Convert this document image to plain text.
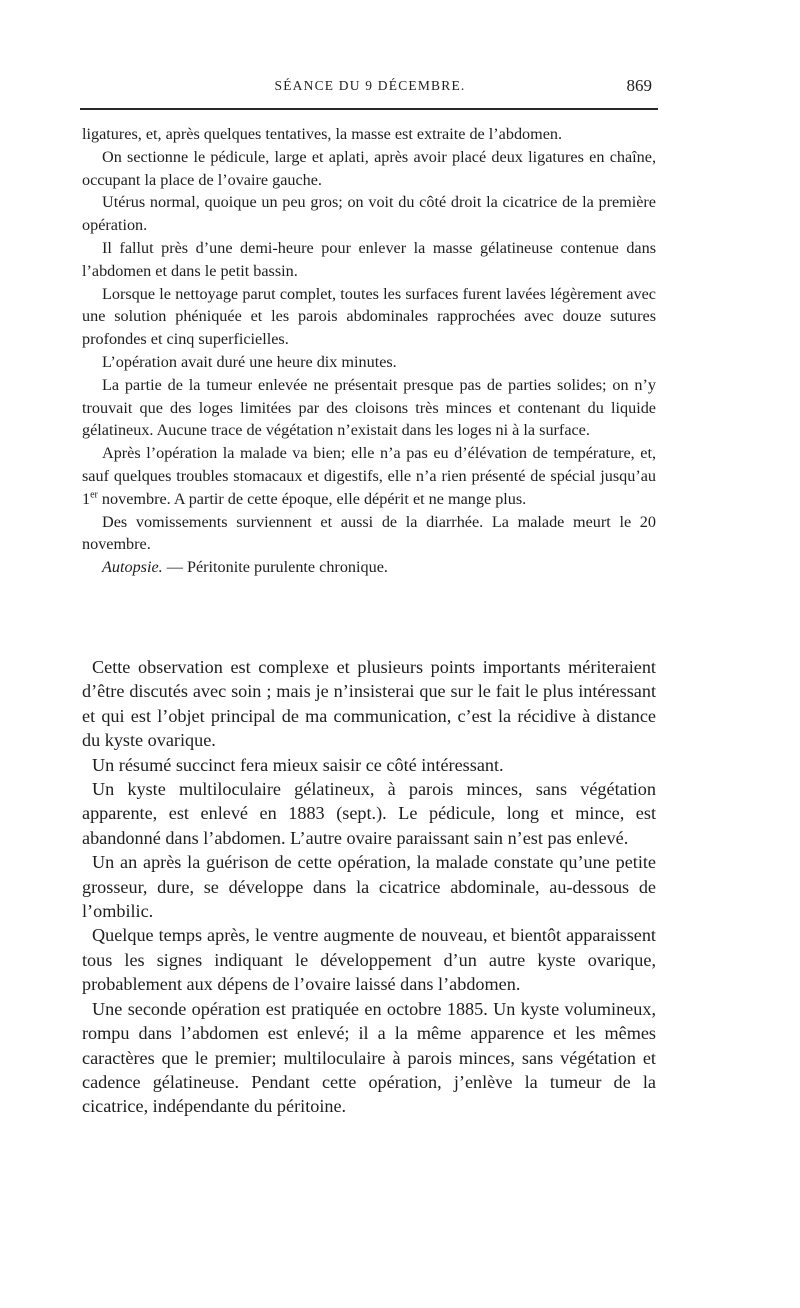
SÉANCE DU 9 DÉCEMBRE.	869

ligatures, et, après quelques tentatives, la masse est extraite de l’abdomen.

On sectionne le pédicule, large et aplati, après avoir placé deux ligatures en chaîne, occupant la place de l’ovaire gauche.

Utérus normal, quoique un peu gros; on voit du côté droit la cicatrice de la première opération.

Il fallut près d’une demi-heure pour enlever la masse gélatineuse contenue dans l’abdomen et dans le petit bassin.

Lorsque le nettoyage parut complet, toutes les surfaces furent lavées légèrement avec une solution phéniquée et les parois abdominales rapprochées avec douze sutures profondes et cinq superficielles.

L’opération avait duré une heure dix minutes.

La partie de la tumeur enlevée ne présentait presque pas de parties solides; on n’y trouvait que des loges limitées par des cloisons très minces et contenant du liquide gélatineux. Aucune trace de végétation n’existait dans les loges ni à la surface.

Après l’opération la malade va bien; elle n’a pas eu d’élévation de température, et, sauf quelques troubles stomacaux et digestifs, elle n’a rien présenté de spécial jusqu’au 1er novembre. A partir de cette époque, elle dépérit et ne mange plus.

Des vomissements surviennent et aussi de la diarrhée. La malade meurt le 20 novembre.

Autopsie. — Péritonite purulente chronique.

Cette observation est complexe et plusieurs points importants mériteraient d’être discutés avec soin ; mais je n’insisterai que sur le fait le plus intéressant et qui est l’objet principal de ma communication, c’est la récidive à distance du kyste ovarique.

Un résumé succinct fera mieux saisir ce côté intéressant.

Un kyste multiloculaire gélatineux, à parois minces, sans végétation apparente, est enlevé en 1883 (sept.). Le pédicule, long et mince, est abandonné dans l’abdomen. L’autre ovaire paraissant sain n’est pas enlevé.

Un an après la guérison de cette opération, la malade constate qu’une petite grosseur, dure, se développe dans la cicatrice abdominale, au-dessous de l’ombilic.

Quelque temps après, le ventre augmente de nouveau, et bientôt apparaissent tous les signes indiquant le développement d’un autre kyste ovarique, probablement aux dépens de l’ovaire laissé dans l’abdomen.

Une seconde opération est pratiquée en octobre 1885. Un kyste volumineux, rompu dans l’abdomen est enlevé; il a la même apparence et les mêmes caractères que le premier; multiloculaire à parois minces, sans végétation et cadence gélatineuse. Pendant cette opération, j’enlève la tumeur de la cicatrice, indépendante du péritoine.
